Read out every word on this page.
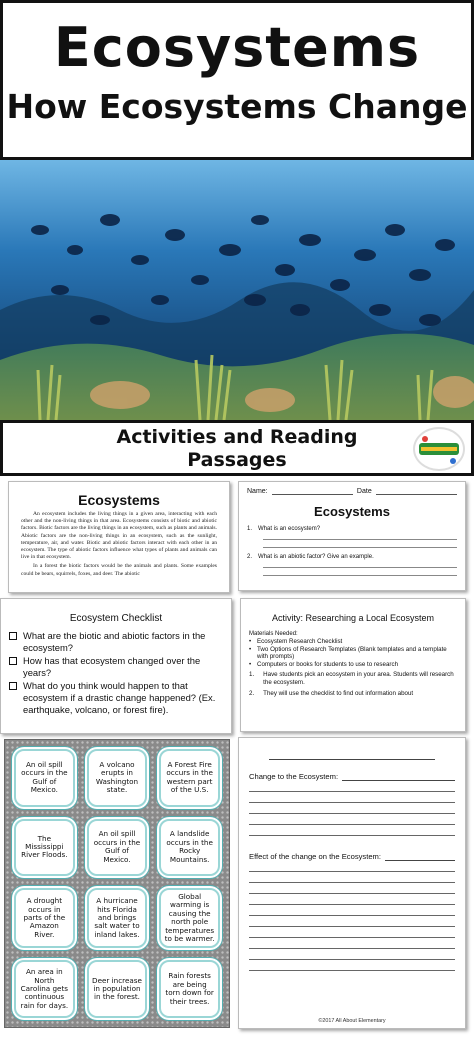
Ecosystems
How Ecosystems Change
Activities and Reading
Passages
Ecosystems

An ecosystem includes the living things in a given area, interacting with each other and the non-living things in that area. Ecosystems consists of biotic and abiotic factors. Biotic factors are the living things in an ecosystem, such as plants and animals. Abiotic factors are the non-living things in an ecosystem, such as the sunlight, temperature, air, and water. Biotic and abiotic factors interact with each other in an ecosystem. The type of abiotic factors influence what types of plants and animals can live in that ecosystem.

In a forest the biotic factors would be the animals and plants. Some examples could be bears, squirrels, foxes, and deer. The abiotic

Name:	Date
Ecosystems
1. What is an ecosystem?
2. What is an abiotic factor? Give an example.
Ecosystem Checklist
What are the biotic and abiotic factors in the ecosystem?
How has that ecosystem changed over the years?
What do you think would happen to that ecosystem if a drastic change happened? (Ex. earthquake, volcano, or forest fire).
Activity: Researching a Local Ecosystem
Materials Needed:
• Ecosystem Research Checklist
• Two Options of Research Templates (Blank templates and a template with prompts)
• Computers or books for students to use to research
1. Have students pick an ecosystem in your area. Students will research the ecosystem.
2. They will use the checklist to find out information about
An oil spill occurs in the Gulf of Mexico.
A volcano erupts in Washington state.
A Forest Fire occurs in the western part of the U.S.
The Mississippi River Floods.
An oil spill occurs in the Gulf of Mexico.
A landslide occurs in the Rocky Mountains.
A drought occurs in parts of the Amazon River.
A hurricane hits Florida and brings salt water to inland lakes.
Global warming is causing the north pole temperatures to be warmer.
An area in North Carolina gets continuous rain for days.
Deer increase in population in the forest.
Rain forests are being torn down for their trees.
Change to the Ecosystem:
Effect of the change on the Ecosystem:
©2017 All About Elementary
